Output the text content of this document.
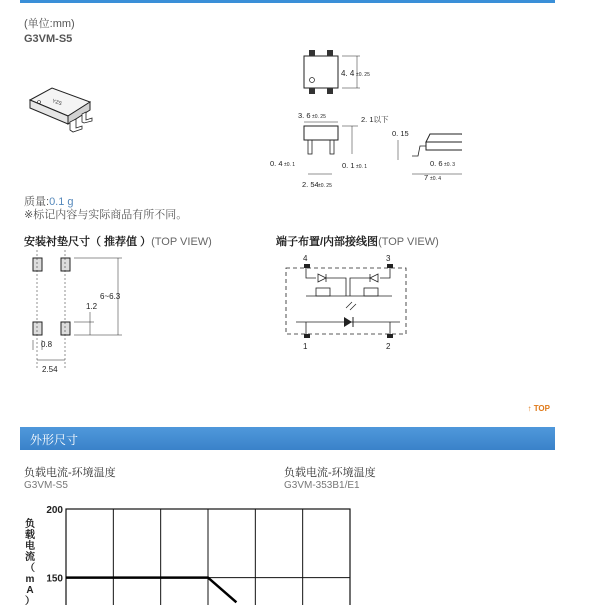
(单位:mm)
G3VM-S5
YZS
4. 4 ±0. 25
3. 6 ±0. 25	2. 1以下
0. 4 ±0. 1	0. 1 ±0. 1
2. 54 ±0. 25
0. 15
0. 6 ±0. 3
7 ±0. 4
质量:0.1 g
※标记内容与实际商品有所不同。
安装衬垫尺寸（ 推荐值 ）(TOP VIEW)	端子布置/内部接线图(TOP VIEW)
6~6.3
1.2
0.8
2.54
4	3
1	2
↑ TOP
外形尺寸
负载电流-环境温度
G3VM-S5
负载电流-环境温度
G3VM-353B1/E1
负
载
电
流
（
m
A
）
200
150
